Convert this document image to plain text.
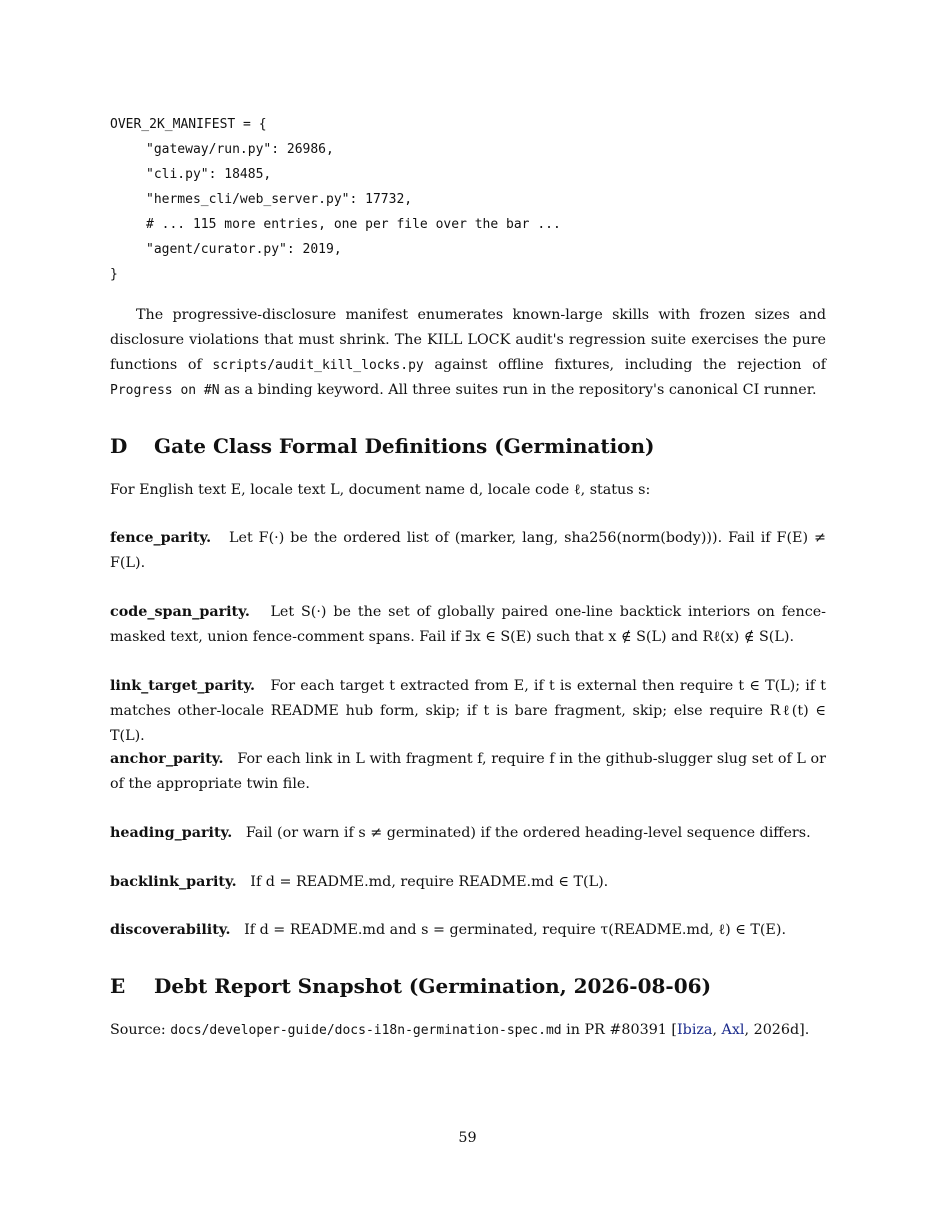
OVER_2K_MANIFEST = {
"gateway/run.py": 26986,
"cli.py": 18485,
"hermes_cli/web_server.py": 17732,
# ... 115 more entries, one per file over the bar ...
"agent/curator.py": 2019,
}

The progressive-disclosure manifest enumerates known-large skills with frozen sizes and disclosure violations that must shrink. The KILL LOCK audit's regression suite exercises the pure functions of scripts/audit_kill_locks.py against offline fixtures, including the rejection of Progress on #N as a binding keyword. All three suites run in the repository's canonical CI runner.

D Gate Class Formal Definitions (Germination)

For English text E, locale text L, document name d, locale code ℓ, status s:

fence_parity. Let F(·) be the ordered list of (marker, lang, sha256(norm(body))). Fail if F(E) ≠ F(L).

code_span_parity. Let S(·) be the set of globally paired one-line backtick interiors on fence-masked text, union fence-comment spans. Fail if ∃x ∈ S(E) such that x ∉ S(L) and Rℓ(x) ∉ S(L).

link_target_parity. For each target t extracted from E, if t is external then require t ∈ T(L); if t matches other-locale README hub form, skip; if t is bare fragment, skip; else require Rℓ(t) ∈ T(L).

anchor_parity. For each link in L with fragment f, require f in the github-slugger slug set of L or of the appropriate twin file.

heading_parity. Fail (or warn if s ≠ germinated) if the ordered heading-level sequence differs.

backlink_parity. If d = README.md, require README.md ∈ T(L).

discoverability. If d = README.md and s = germinated, require τ(README.md, ℓ) ∈ T(E).

E Debt Report Snapshot (Germination, 2026-08-06)

Source: docs/developer-guide/docs-i18n-germination-spec.md in PR #80391 [Ibiza, Axl, 2026d].

59
